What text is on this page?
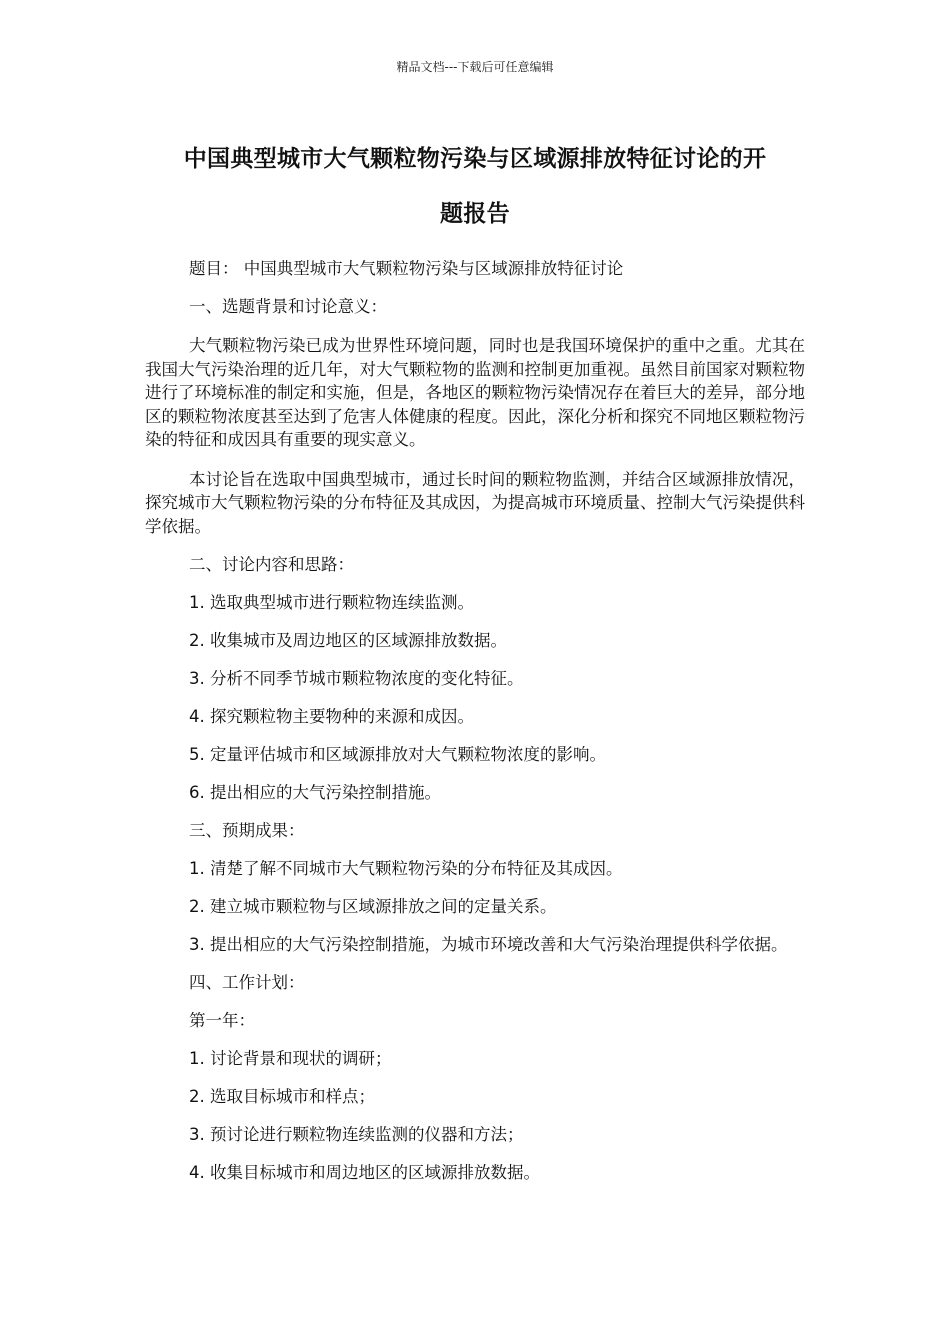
精品文档---下载后可任意编辑
中国典型城市大气颗粒物污染与区域源排放特征讨论的开
题报告

题目： 中国典型城市大气颗粒物污染与区域源排放特征讨论

一、选题背景和讨论意义：

大气颗粒物污染已成为世界性环境问题，同时也是我国环境保护的重中之重。尤其在我国大气污染治理的近几年，对大气颗粒物的监测和控制更加重视。虽然目前国家对颗粒物进行了环境标准的制定和实施，但是，各地区的颗粒物污染情况存在着巨大的差异，部分地区的颗粒物浓度甚至达到了危害人体健康的程度。因此，深化分析和探究不同地区颗粒物污染的特征和成因具有重要的现实意义。

本讨论旨在选取中国典型城市，通过长时间的颗粒物监测，并结合区域源排放情况，探究城市大气颗粒物污染的分布特征及其成因，为提高城市环境质量、控制大气污染提供科学依据。

二、讨论内容和思路：

1. 选取典型城市进行颗粒物连续监测。

2. 收集城市及周边地区的区域源排放数据。

3. 分析不同季节城市颗粒物浓度的变化特征。

4. 探究颗粒物主要物种的来源和成因。

5. 定量评估城市和区域源排放对大气颗粒物浓度的影响。

6. 提出相应的大气污染控制措施。

三、预期成果：

1. 清楚了解不同城市大气颗粒物污染的分布特征及其成因。

2. 建立城市颗粒物与区域源排放之间的定量关系。

3. 提出相应的大气污染控制措施，为城市环境改善和大气污染治理提供科学依据。

四、工作计划：

第一年：

1. 讨论背景和现状的调研；

2. 选取目标城市和样点；

3. 预讨论进行颗粒物连续监测的仪器和方法；

4. 收集目标城市和周边地区的区域源排放数据。
